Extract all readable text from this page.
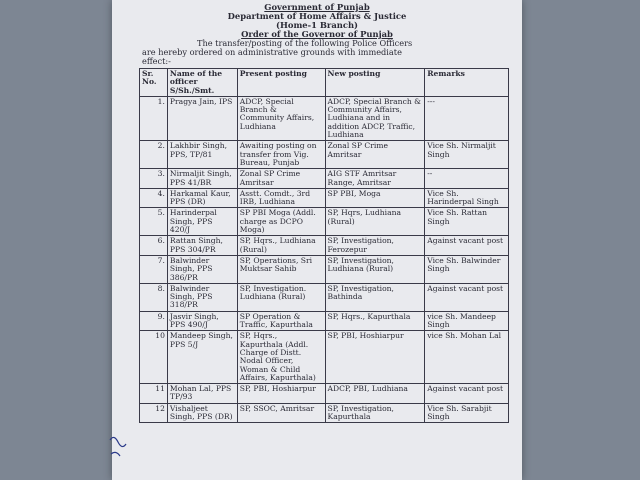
Government of Punjab
Department of Home Affairs & Justice
(Home-1 Branch)
Order of the Governor of Punjab
The transfer/posting of the following Police Officers
are hereby ordered on administrative grounds with immediate
effect:-
Sr. No.	Name of the officer S/Sh./Smt.	Present posting	New posting	Remarks
1.	Pragya Jain, IPS	ADCP, Special Branch & Community Affairs, Ludhiana	ADCP, Special Branch & Community Affairs, Ludhiana and in addition ADCP, Traffic, Ludhiana	---
2.	Lakhbir Singh, PPS, TP/81	Awaiting posting on transfer from Vig. Bureau, Punjab	Zonal SP Crime Amritsar	Vice Sh. Nirmaljit Singh
3.	Nirmaljit Singh, PPS 41/BR	Zonal SP Crime Amritsar	AIG STF Amritsar Range, Amritsar	--
4.	Harkamal Kaur, PPS (DR)	Asstt. Comdt., 3rd IRB, Ludhiana	SP PBI, Moga	Vice Sh. Harinderpal Singh
5.	Harinderpal Singh, PPS 420/J	SP PBI Moga (Addl. charge as DCPO Moga)	SP, Hqrs, Ludhiana (Rural)	Vice Sh. Rattan Singh
6.	Rattan Singh, PPS 304/PR	SP, Hqrs., Ludhiana (Rural)	SP, Investigation, Ferozepur	Against vacant post
7.	Balwinder Singh, PPS 386/PR	SP, Operations, Sri Muktsar Sahib	SP, Investigation, Ludhiana (Rural)	Vice Sh. Balwinder Singh
8.	Balwinder Singh, PPS 318/PR	SP, Investigation. Ludhiana (Rural)	SP, Investigation, Bathinda	Against vacant post
9.	Jasvir Singh, PPS 490/J	SP Operation & Traffic, Kapurthala	SP, Hqrs., Kapurthala	vice Sh. Mandeep Singh
10	Mandeep Singh, PPS 5/J	SP, Hqrs., Kapurthala (Addl. Charge of Distt. Nodal Officer, Woman & Child Affairs, Kapurthala)	SP, PBI, Hoshiarpur	vice Sh. Mohan Lal
11	Mohan Lal, PPS TP/93	SP, PBI, Hoshiarpur	ADCP, PBI, Ludhiana	Against vacant post
12	Vishaljeet Singh, PPS (DR)	SP, SSOC, Amritsar	SP, Investigation, Kapurthala	Vice Sh. Sarabjit Singh
